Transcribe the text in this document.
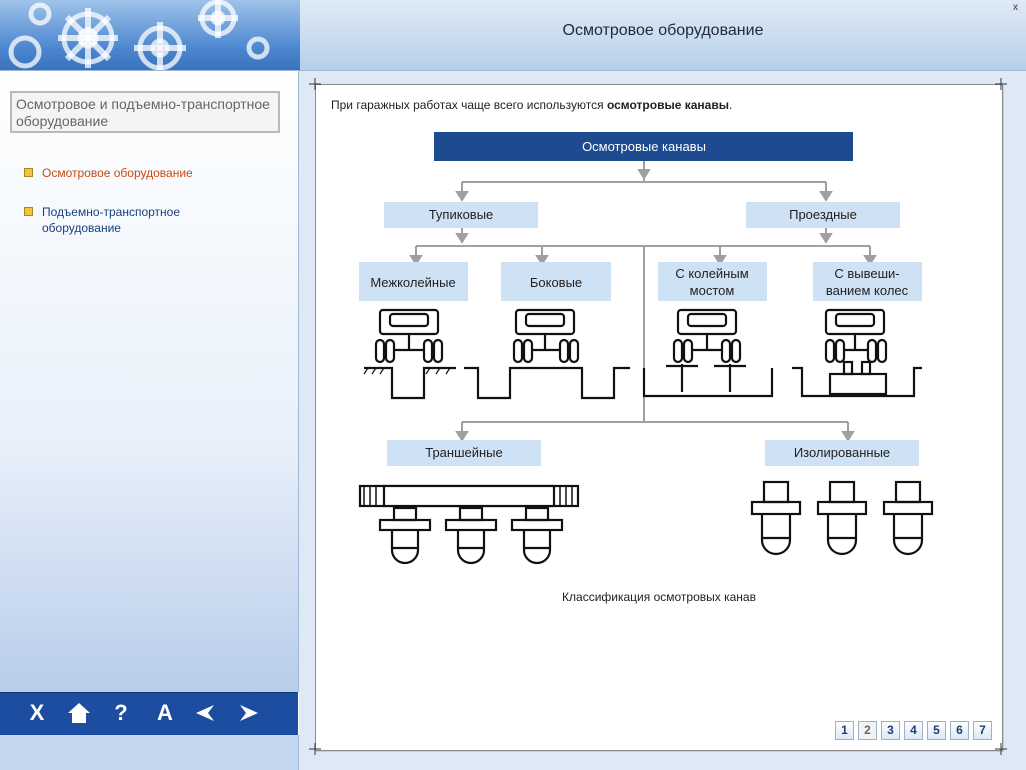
Осмотровое оборудование
x
Осмотровое и подъемно-транспортное оборудование
Осмотровое оборудование
Подъемно-транспортное оборудование
X	?	A
При гаражных работах чаще всего используются осмотровые канавы.
Осмотровые канавы
Тупиковые	Проездные
Межколейные	Боковые
С колейным
мостом
С вывеши-
ванием колес
Траншейные	Изолированные
Классификация осмотровых канав
1 2 3 4 5 6 7
